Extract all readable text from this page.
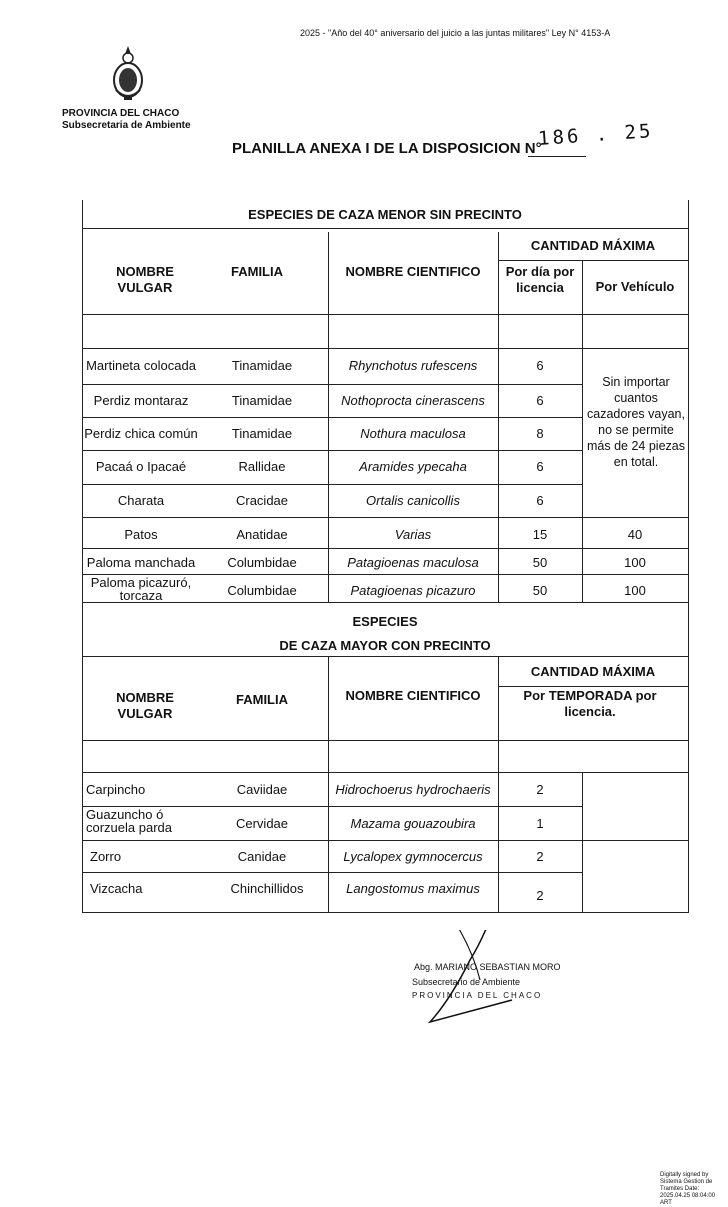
2025 - "Año del 40° aniversario del juicio a las juntas militares" Ley N° 4153-A
PROVINCIA DEL CHACO
Subsecretaria de Ambiente
PLANILLA ANEXA I DE LA DISPOSICION N°
186 . 25
ESPECIES DE CAZA MENOR SIN PRECINTO
NOMBRE VULGAR
FAMILIA	NOMBRE CIENTIFICO
CANTIDAD MÁXIMA
Por día por licencia	Por Vehículo
Martineta colocada	Tinamidae	Rhynchotus rufescens	6
Perdiz montaraz	Tinamidae	Nothoprocta cinerascens	6
Perdiz chica común	Tinamidae	Nothura maculosa	8
Pacaá o Ipacaé	Rallidae	Aramides ypecaha	6
Charata	Cracidae	Ortalis canicollis	6
Sin importar cuantos cazadores vayan, no se permite más de 24 piezas en total.
Patos	Anatidae	Varias	15	40
Paloma manchada	Columbidae	Patagioenas maculosa	50	100
Paloma picazuró, torcaza	Columbidae	Patagioenas picazuro	50	100
ESPECIES
DE CAZA MAYOR CON PRECINTO
NOMBRE VULGAR
FAMILIA	NOMBRE CIENTIFICO
CANTIDAD MÁXIMA
Por TEMPORADA por licencia.
Carpincho	Caviidae	Hidrochoerus hydrochaeris	2
Guazuncho ó corzuela parda	Cervidae	Mazama gouazoubira	1
Zorro	Canidae	Lycalopex gymnocercus	2
Vizcacha	Chinchillidos	Langostomus maximus	2
Abg. MARIANO SEBASTIAN MORO
Subsecretario de Ambiente
PROVINCIA DEL CHACO
Digitally signed by Sistema Gestion de Tramites Date: 2025.04.25 08:04:00 ART
